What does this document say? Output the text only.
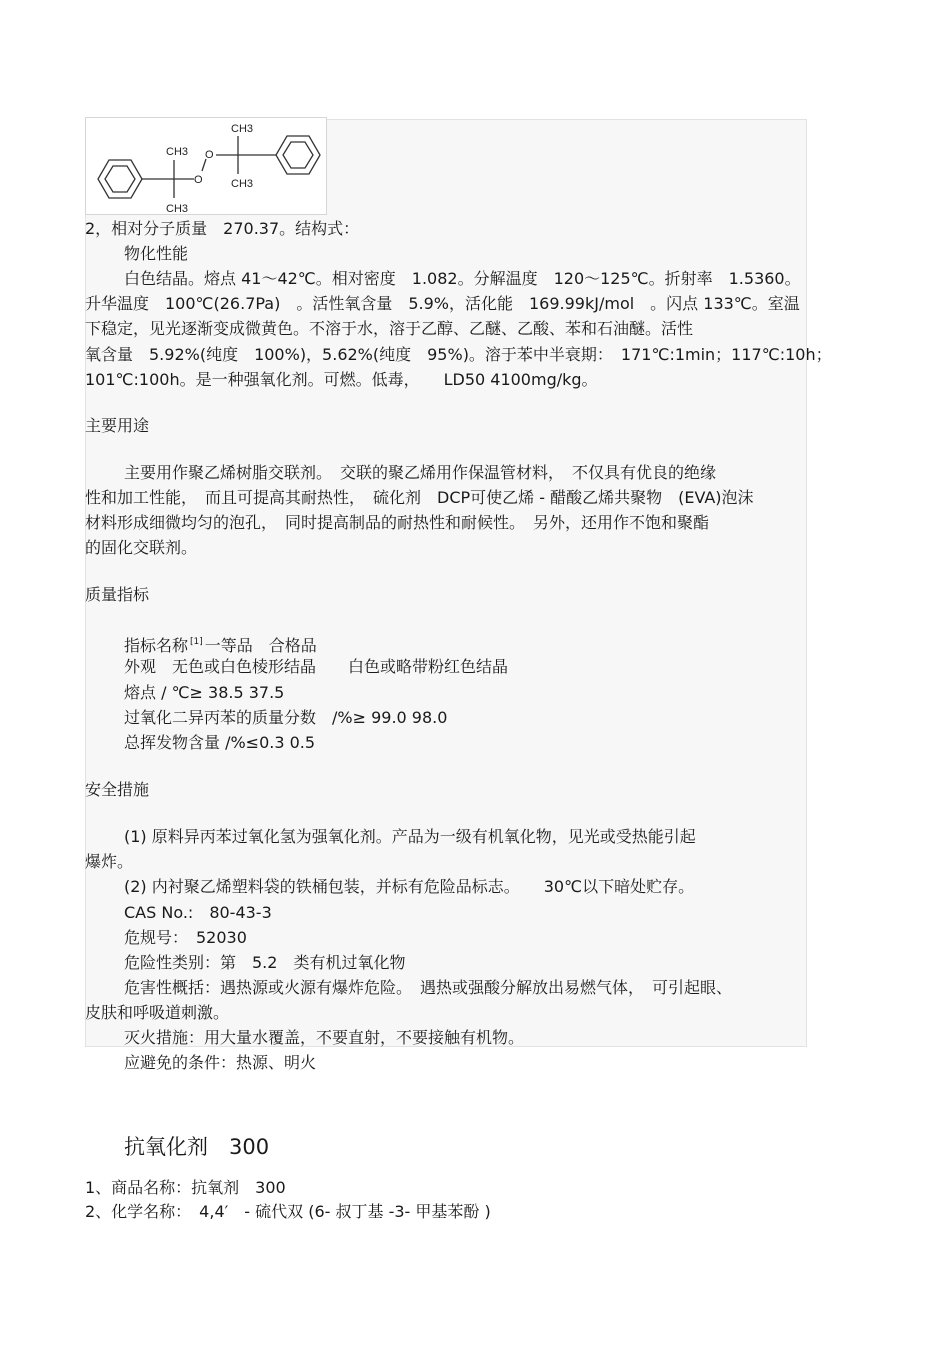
CH3
CH3
CH3
CH3
O
O
2，相对分子质量　270.37。结构式：
物化性能
白色结晶。熔点 41～42℃。相对密度　1.082。分解温度　120～125℃。折射率　1.5360。
升华温度　100℃(26.7Pa)　。活性氧含量　5.9%，活化能　169.99kJ/mol　。闪点 133℃。室温
下稳定，见光逐渐变成微黄色。不溶于水，溶于乙醇、乙醚、乙酸、苯和石油醚。活性
氧含量　5.92%(纯度　100%)，5.62%(纯度　95%)。溶于苯中半衰期：　171℃:1min；117℃:10h；
101℃:100h。是一种强氧化剂。可燃。低毒，　　LD50 4100mg/kg。
主要用途
主要用作聚乙烯树脂交联剂。　交联的聚乙烯用作保温管材料，　不仅具有优良的绝缘
性和加工性能，　而且可提高其耐热性，　硫化剂　DCP可使乙烯 - 醋酸乙烯共聚物　(EVA)泡沫
材料形成细微均匀的泡孔，　同时提高制品的耐热性和耐候性。　另外，还用作不饱和聚酯
的固化交联剂。
质量指标
指标名称 [1] 一等品　合格品
外观　无色或白色棱形结晶　　白色或略带粉红色结晶
熔点 / ℃≥ 38.5 37.5
过氧化二异丙苯的质量分数　/%≥ 99.0 98.0
总挥发物含量 /%≤0.3 0.5
安全措施
(1) 原料异丙苯过氧化氢为强氧化剂。产品为一级有机氧化物，见光或受热能引起
爆炸。
(2) 内衬聚乙烯塑料袋的铁桶包装，并标有危险品标志。　　30℃以下暗处贮存。
CAS No.:　80-43-3
危规号：　52030
危险性类别：第　5.2　类有机过氧化物
危害性概括：遇热源或火源有爆炸危险。　遇热或强酸分解放出易燃气体，　可引起眼、
皮肤和呼吸道刺激。
灭火措施：用大量水覆盖，不要直射，不要接触有机物。
应避免的条件：热源、明火
抗氧化剂　300
1、商品名称：抗氧剂　300
2、化学名称：　4,4′　- 硫代双 (6- 叔丁基 -3- 甲基苯酚 )
